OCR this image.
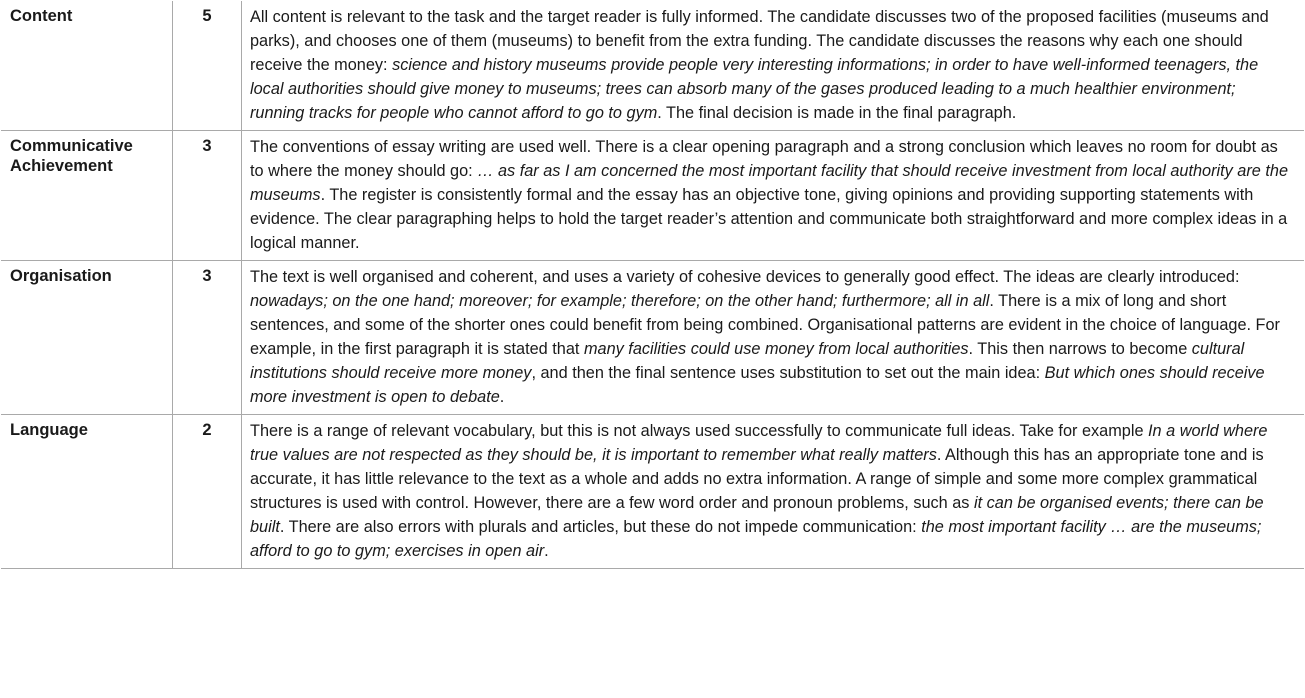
Content	5	All content is relevant to the task and the target reader is fully informed. The candidate discusses two of the proposed facilities (museums and parks), and chooses one of them (museums) to benefit from the extra funding. The candidate discusses the reasons why each one should receive the money: science and history museums provide people very interesting informations; in order to have well-informed teenagers, the local authorities should give money to museums; trees can absorb many of the gases produced leading to a much healthier environment; running tracks for people who cannot afford to go to gym. The final decision is made in the final paragraph.
Communicative Achievement	3	The conventions of essay writing are used well. There is a clear opening paragraph and a strong conclusion which leaves no room for doubt as to where the money should go: … as far as I am concerned the most important facility that should receive investment from local authority are the museums. The register is consistently formal and the essay has an objective tone, giving opinions and providing supporting statements with evidence. The clear paragraphing helps to hold the target reader’s attention and communicate both straightforward and more complex ideas in a logical manner.
Organisation	3	The text is well organised and coherent, and uses a variety of cohesive devices to generally good effect. The ideas are clearly introduced: nowadays; on the one hand; moreover; for example; therefore; on the other hand; furthermore; all in all. There is a mix of long and short sentences, and some of the shorter ones could benefit from being combined. Organisational patterns are evident in the choice of language. For example, in the first paragraph it is stated that many facilities could use money from local authorities. This then narrows to become cultural institutions should receive more money, and then the final sentence uses substitution to set out the main idea: But which ones should receive more investment is open to debate.
Language	2	There is a range of relevant vocabulary, but this is not always used successfully to communicate full ideas. Take for example In a world where true values are not respected as they should be, it is important to remember what really matters. Although this has an appropriate tone and is accurate, it has little relevance to the text as a whole and adds no extra information. A range of simple and some more complex grammatical structures is used with control. However, there are a few word order and pronoun problems, such as it can be organised events; there can be built. There are also errors with plurals and articles, but these do not impede communication: the most important facility … are the museums; afford to go to gym; exercises in open air.
